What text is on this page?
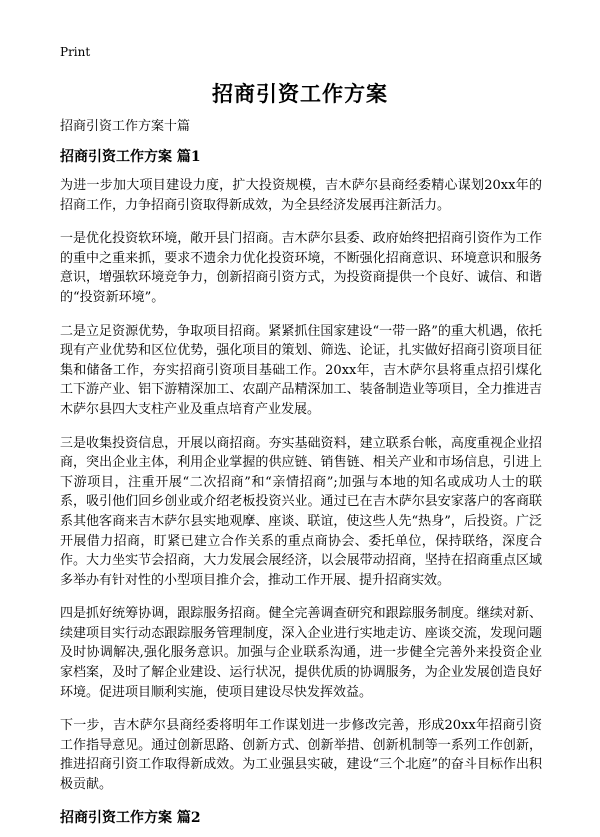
Print
招商引资工作方案
招商引资工作方案十篇
招商引资工作方案 篇1

为进一步加大项目建设力度，扩大投资规模，吉木萨尔县商经委精心谋划20xx年的招商工作，力争招商引资取得新成效，为全县经济发展再注新活力。

一是优化投资软环境，敞开县门招商。吉木萨尔县委、政府始终把招商引资作为工作的重中之重来抓，要求不遗余力优化投资环境，不断强化招商意识、环境意识和服务意识，增强软环境竞争力，创新招商引资方式，为投资商提供一个良好、诚信、和谐的“投资新环境”。

二是立足资源优势，争取项目招商。紧紧抓住国家建设“一带一路”的重大机遇，依托现有产业优势和区位优势，强化项目的策划、筛选、论证，扎实做好招商引资项目征集和储备工作，夯实招商引资项目基础工作。20xx年，吉木萨尔县将重点招引煤化工下游产业、铝下游精深加工、农副产品精深加工、装备制造业等项目，全力推进吉木萨尔县四大支柱产业及重点培育产业发展。

三是收集投资信息，开展以商招商。夯实基础资料，建立联系台帐，高度重视企业招商，突出企业主体，利用企业掌握的供应链、销售链、相关产业和市场信息，引进上下游项目，注重开展“二次招商”和“亲情招商”;加强与本地的知名或成功人士的联系，吸引他们回乡创业或介绍老板投资兴业。通过已在吉木萨尔县安家落户的客商联系其他客商来吉木萨尔县实地观摩、座谈、联谊，使这些人先“热身”，后投资。广泛开展借力招商，盯紧已建立合作关系的重点商协会、委托单位，保持联络，深度合作。大力坐实节会招商，大力发展会展经济，以会展带动招商，坚持在招商重点区域多举办有针对性的小型项目推介会，推动工作开展、提升招商实效。

四是抓好统筹协调，跟踪服务招商。健全完善调查研究和跟踪服务制度。继续对新、续建项目实行动态跟踪服务管理制度，深入企业进行实地走访、座谈交流，发现问题及时协调解决,强化服务意识。加强与企业联系沟通，进一步健全完善外来投资企业家档案，及时了解企业建设、运行状况，提供优质的协调服务，为企业发展创造良好环境。促进项目顺利实施，使项目建设尽快发挥效益。

下一步，吉木萨尔县商经委将明年工作谋划进一步修改完善，形成20xx年招商引资工作指导意见。通过创新思路、创新方式、创新举措、创新机制等一系列工作创新，推进招商引资工作取得新成效。为工业强县实破，建设“三个北庭”的奋斗目标作出积极贡献。

招商引资工作方案 篇2
